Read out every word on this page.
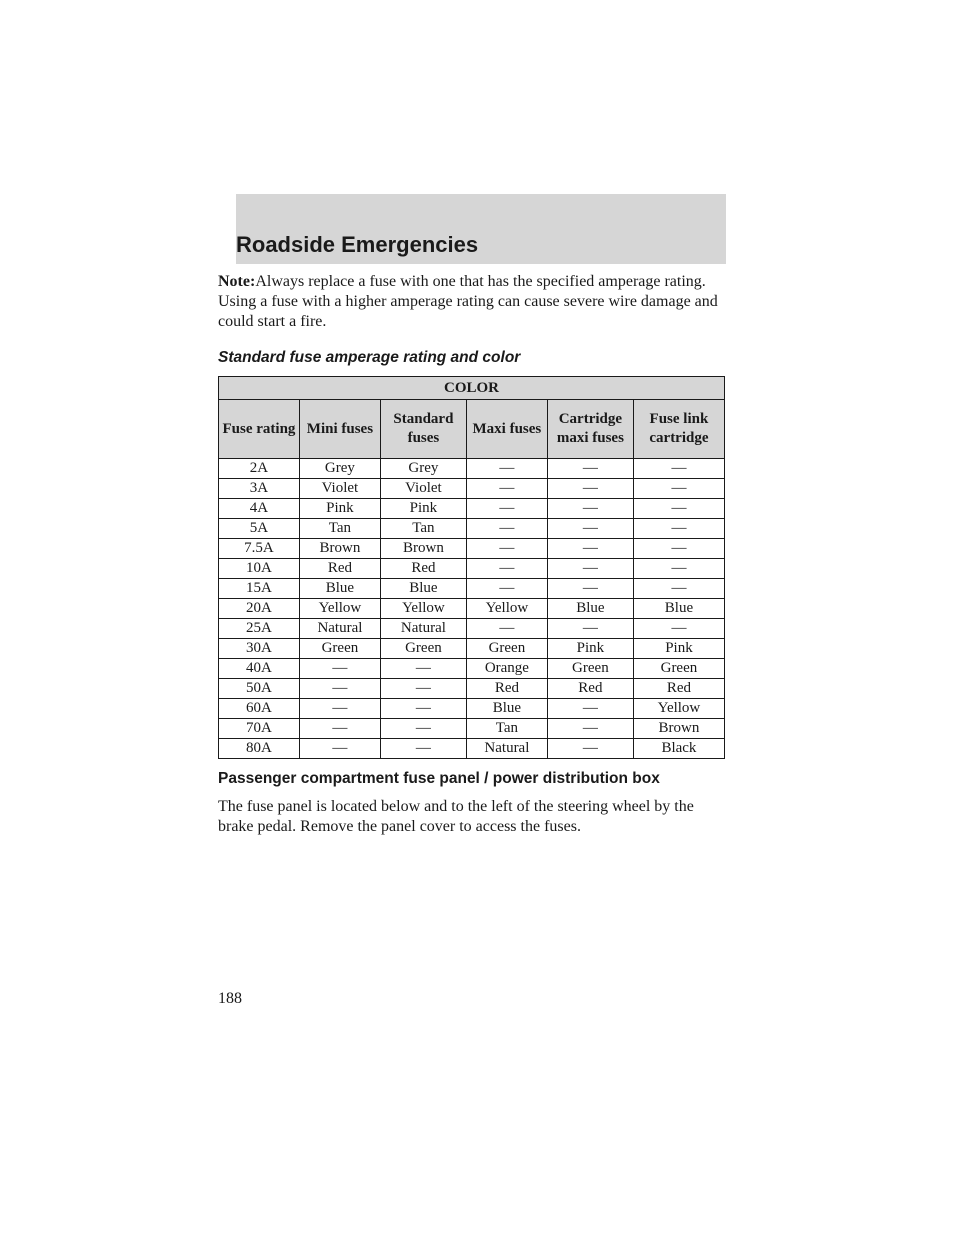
Roadside Emergencies

Note:Always replace a fuse with one that has the specified amperage rating. Using a fuse with a higher amperage rating can cause severe wire damage and could start a fire.

Standard fuse amperage rating and color
COLOR					
Fuse rating	Mini fuses	Standard fuses	Maxi fuses	Cartridge maxi fuses	Fuse link cartridge
2A	Grey	Grey	—	—	—
3A	Violet	Violet	—	—	—
4A	Pink	Pink	—	—	—
5A	Tan	Tan	—	—	—
7.5A	Brown	Brown	—	—	—
10A	Red	Red	—	—	—
15A	Blue	Blue	—	—	—
20A	Yellow	Yellow	Yellow	Blue	Blue
25A	Natural	Natural	—	—	—
30A	Green	Green	Green	Pink	Pink
40A	—	—	Orange	Green	Green
50A	—	—	Red	Red	Red
60A	—	—	Blue	—	Yellow
70A	—	—	Tan	—	Brown
80A	—	—	Natural	—	Black
Passenger compartment fuse panel / power distribution box

The fuse panel is located below and to the left of the steering wheel by the brake pedal. Remove the panel cover to access the fuses.

188
